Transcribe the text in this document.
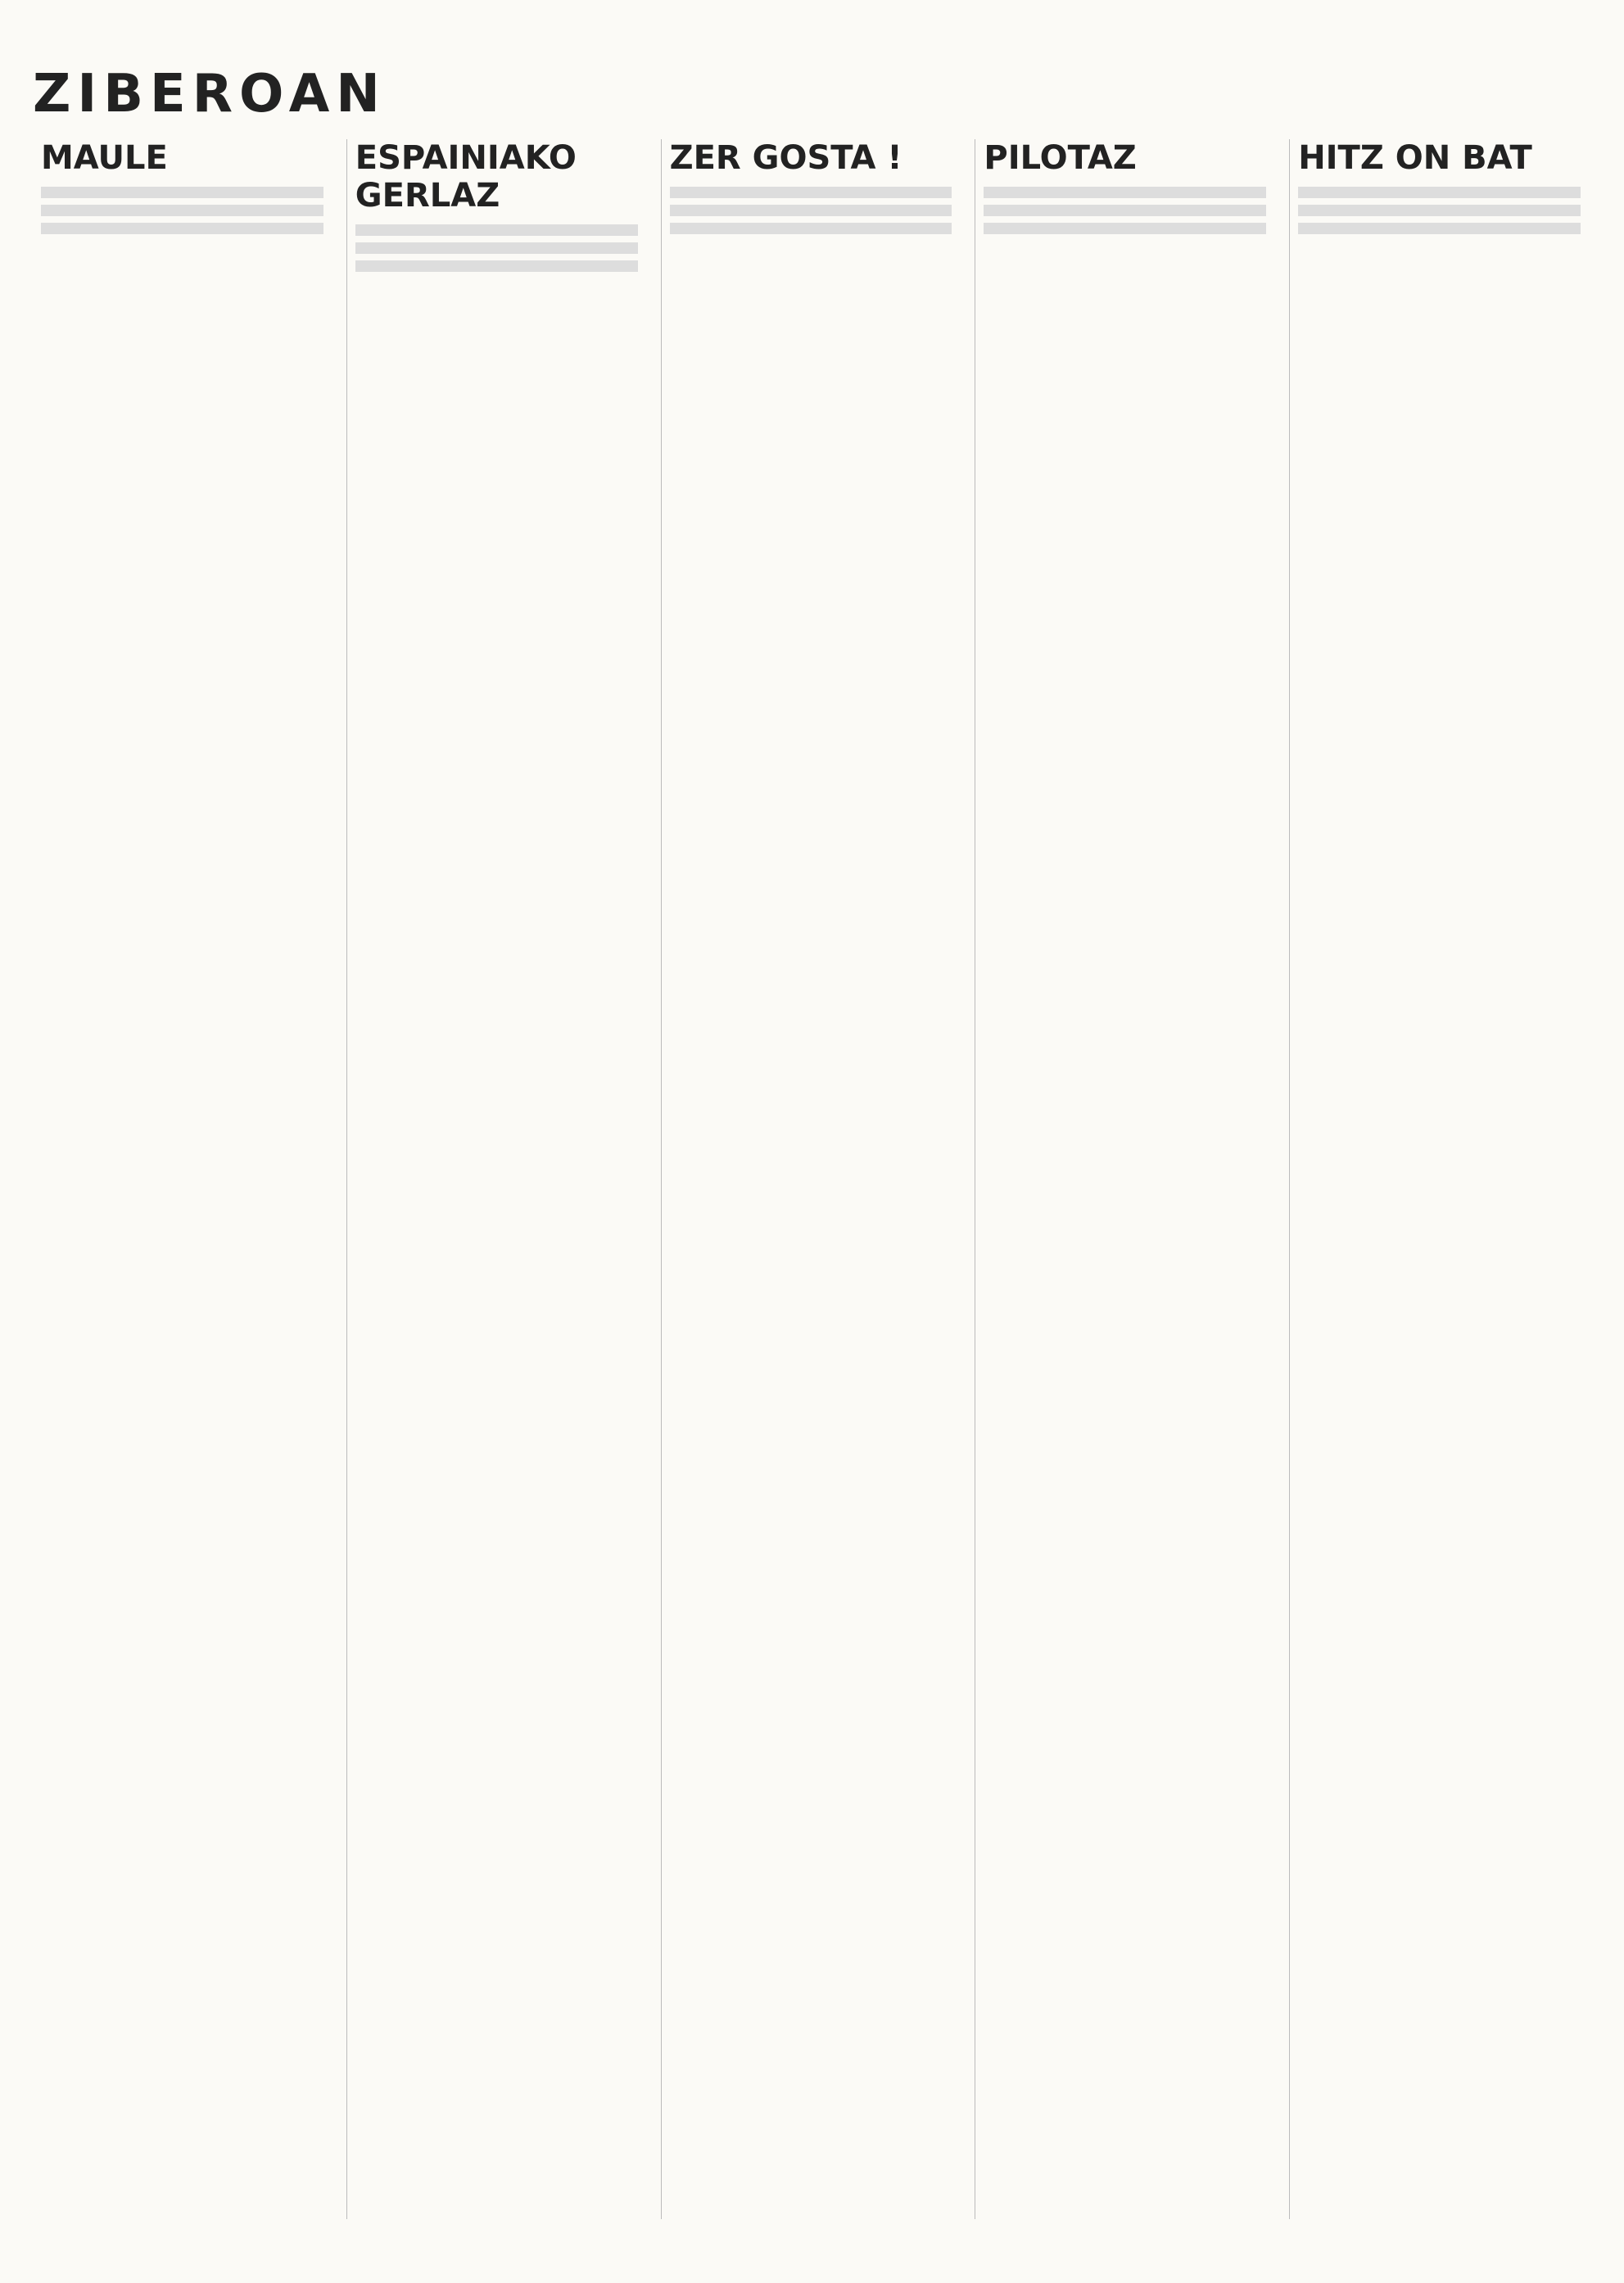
ZIBEROAN
MAULE	ESPAINIAKO GERLAZ
ZER GOSTA !	PILOTAZ	HITZ ON BAT
